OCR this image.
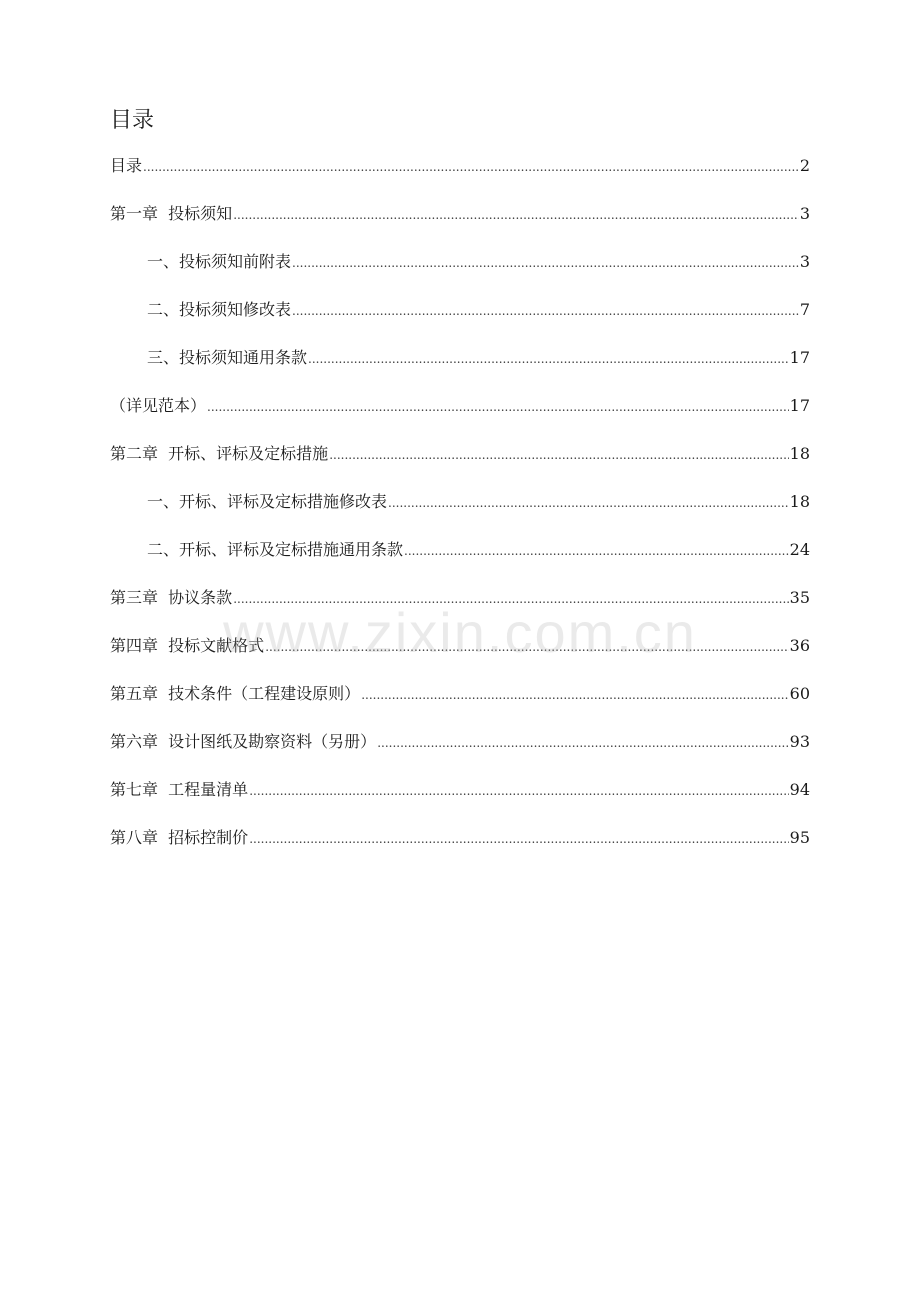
目录
目录 .....	2
第一章  投标须知 .....	3
一、投标须知前附表 .....	3
二、投标须知修改表 .....	7
三、投标须知通用条款 .....	17
（详见范本） .....	17
第二章  开标、评标及定标措施 .....	18
一、开标、评标及定标措施修改表 .....	18
二、开标、评标及定标措施通用条款 .....	24
第三章  协议条款 .....	35
第四章  投标文献格式 .....	36
第五章  技术条件（工程建设原则） .....	60
第六章  设计图纸及勘察资料（另册） .....	93
第七章  工程量清单 .....	94
第八章  招标控制价 .....	95
www.zixin.com.cn
